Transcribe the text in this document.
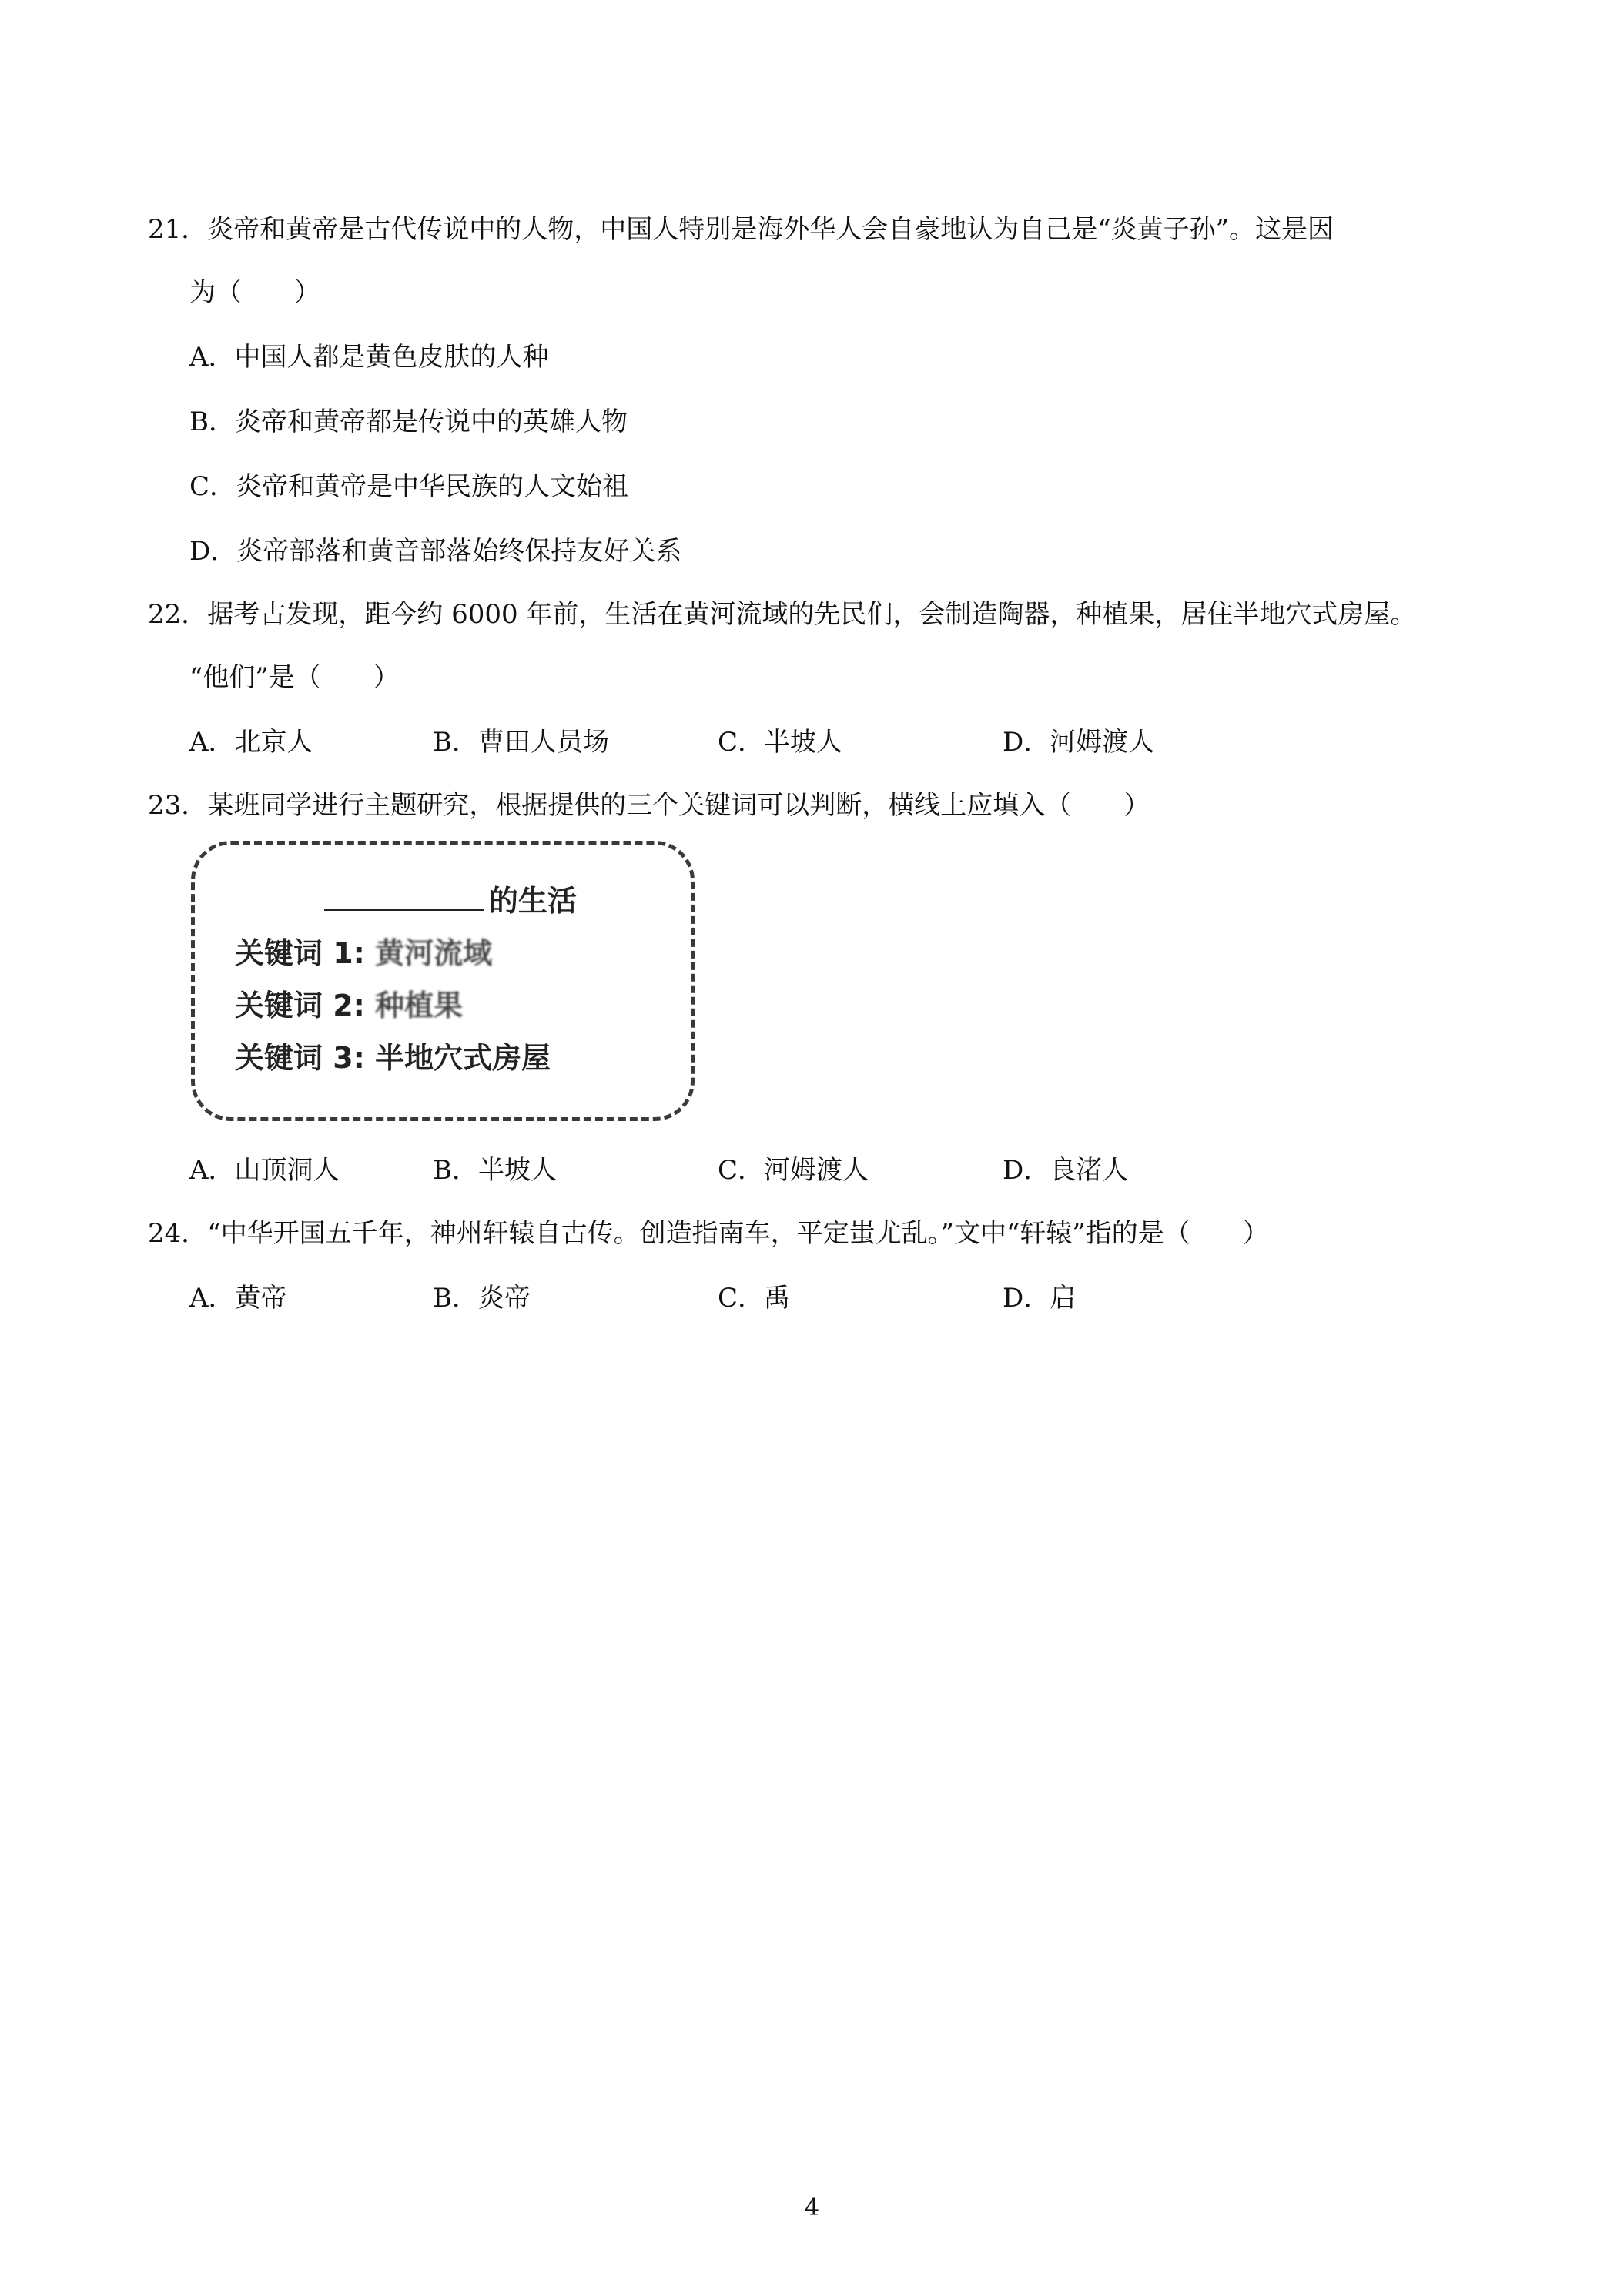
21．炎帝和黄帝是古代传说中的人物，中国人特别是海外华人会自豪地认为自己是“炎黄子孙”。这是因
为（　　）
A．中国人都是黄色皮肤的人种
B．炎帝和黄帝都是传说中的英雄人物
C．炎帝和黄帝是中华民族的人文始祖
D．炎帝部落和黄音部落始终保持友好关系
22．据考古发现，距今约 6000 年前，生活在黄河流域的先民们，会制造陶器，种植果，居住半地穴式房屋。
“他们”是（　　）
A．北京人	B．曹田人员场	C．半坡人	D．河姆渡人
23．某班同学进行主题研究，根据提供的三个关键词可以判断，横线上应填入（　　）
的生活
关键词 1: 黄河流域
关键词 2: 种植果
关键词 3: 半地穴式房屋
A．山顶洞人	B．半坡人	C．河姆渡人	D．良渚人
24．“中华开国五千年，神州轩辕自古传。创造指南车，平定蚩尤乱。”文中“轩辕”指的是（　　）
A．黄帝	B．炎帝	C．禹	D．启
4
